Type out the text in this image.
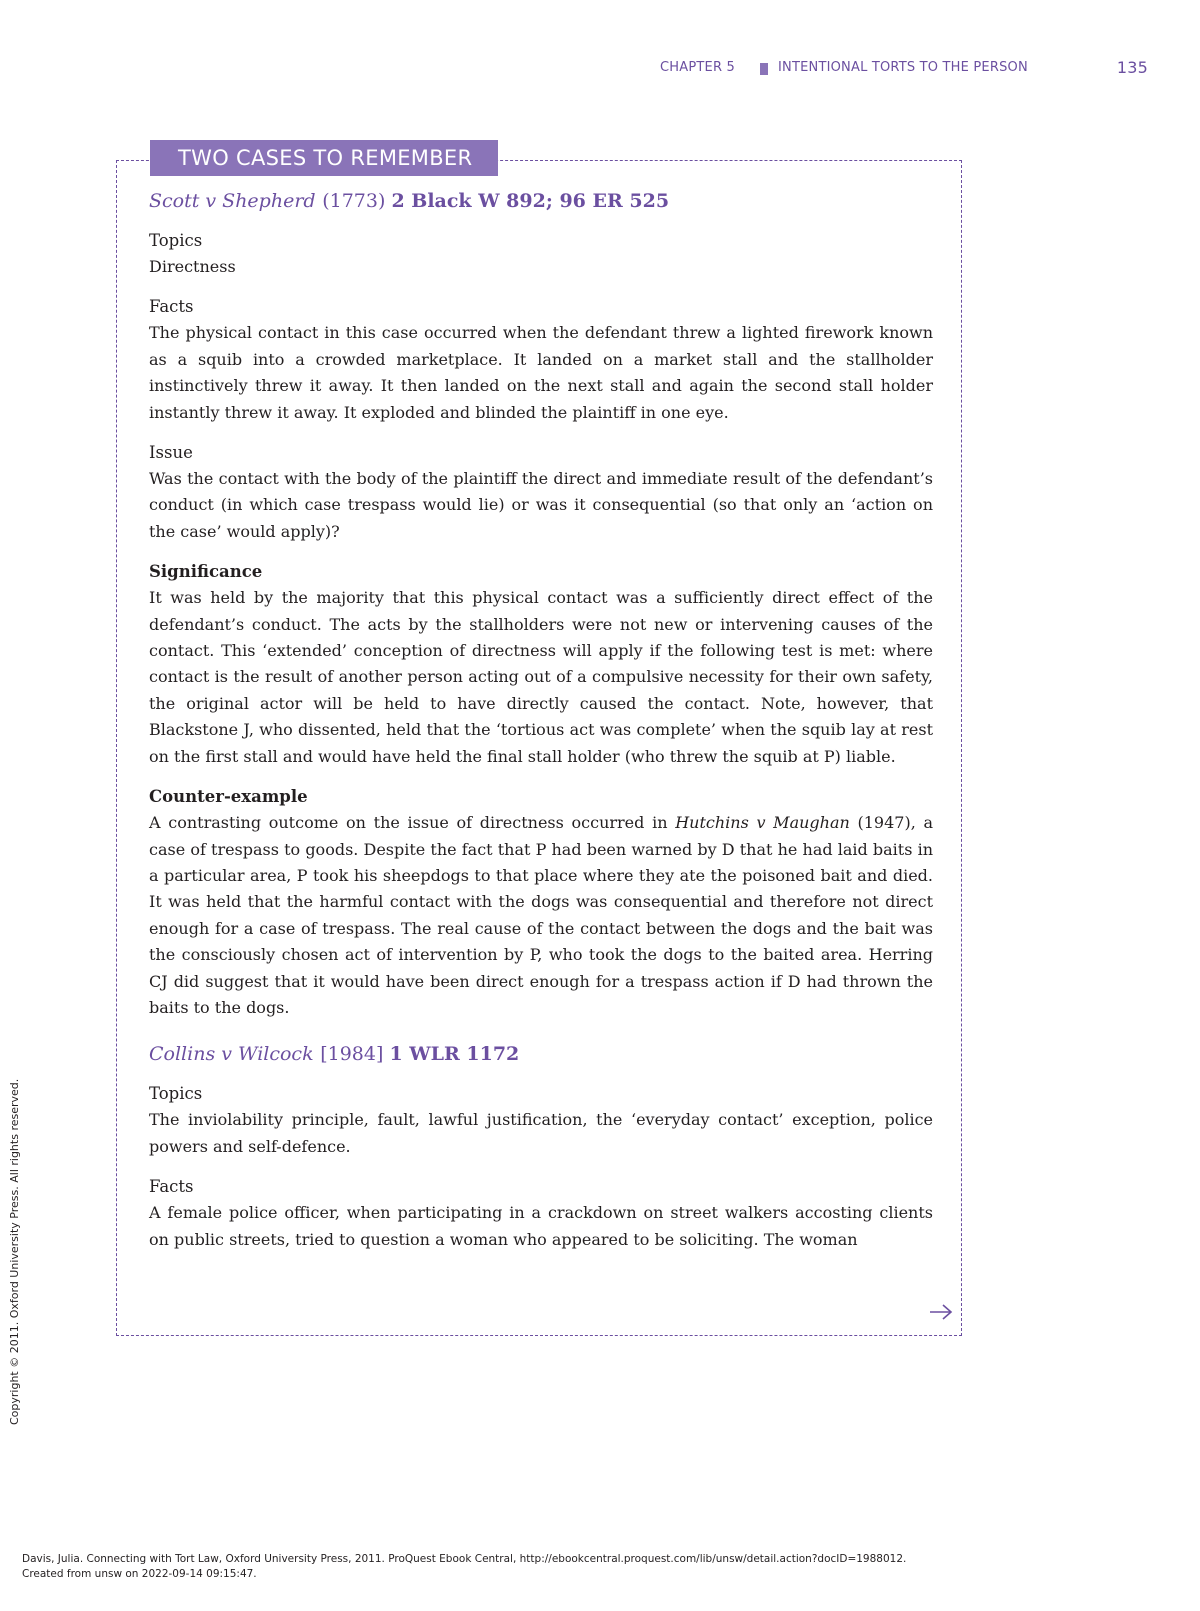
CHAPTER 5	INTENTIONAL TORTS TO THE PERSON	135
TWO CASES TO REMEMBER

Scott v Shepherd (1773) 2 Black W 892; 96 ER 525

Topics

Directness

Facts

The physical contact in this case occurred when the defendant threw a lighted firework known as a squib into a crowded marketplace. It landed on a market stall and the stallholder instinctively threw it away. It then landed on the next stall and again the second stall holder instantly threw it away. It exploded and blinded the plaintiff in one eye.

Issue

Was the contact with the body of the plaintiff the direct and immediate result of the defendant’s conduct (in which case trespass would lie) or was it consequential (so that only an ‘action on the case’ would apply)?

Significance

It was held by the majority that this physical contact was a sufficiently direct effect of the defendant’s conduct. The acts by the stallholders were not new or intervening causes of the contact. This ‘extended’ conception of directness will apply if the following test is met: where contact is the result of another person acting out of a compulsive necessity for their own safety, the original actor will be held to have directly caused the contact. Note, however, that Blackstone J, who dissented, held that the ‘tortious act was complete’ when the squib lay at rest on the first stall and would have held the final stall holder (who threw the squib at P) liable.

Counter-example

A contrasting outcome on the issue of directness occurred in Hutchins v Maughan (1947), a case of trespass to goods. Despite the fact that P had been warned by D that he had laid baits in a particular area, P took his sheepdogs to that place where they ate the poisoned bait and died. It was held that the harmful contact with the dogs was consequential and therefore not direct enough for a case of trespass. The real cause of the contact between the dogs and the bait was the consciously chosen act of intervention by P, who took the dogs to the baited area. Herring CJ did suggest that it would have been direct enough for a trespass action if D had thrown the baits to the dogs.

Collins v Wilcock [1984] 1 WLR 1172

Topics

The inviolability principle, fault, lawful justification, the ‘everyday contact’ exception, police powers and self-defence.

Facts

A female police officer, when participating in a crackdown on street walkers accosting clients on public streets, tried to question a woman who appeared to be soliciting. The woman

Copyright © 2011. Oxford University Press. All rights reserved.
Davis, Julia. Connecting with Tort Law, Oxford University Press, 2011. ProQuest Ebook Central, http://ebookcentral.proquest.com/lib/unsw/detail.action?docID=1988012.
Created from unsw on 2022-09-14 09:15:47.
